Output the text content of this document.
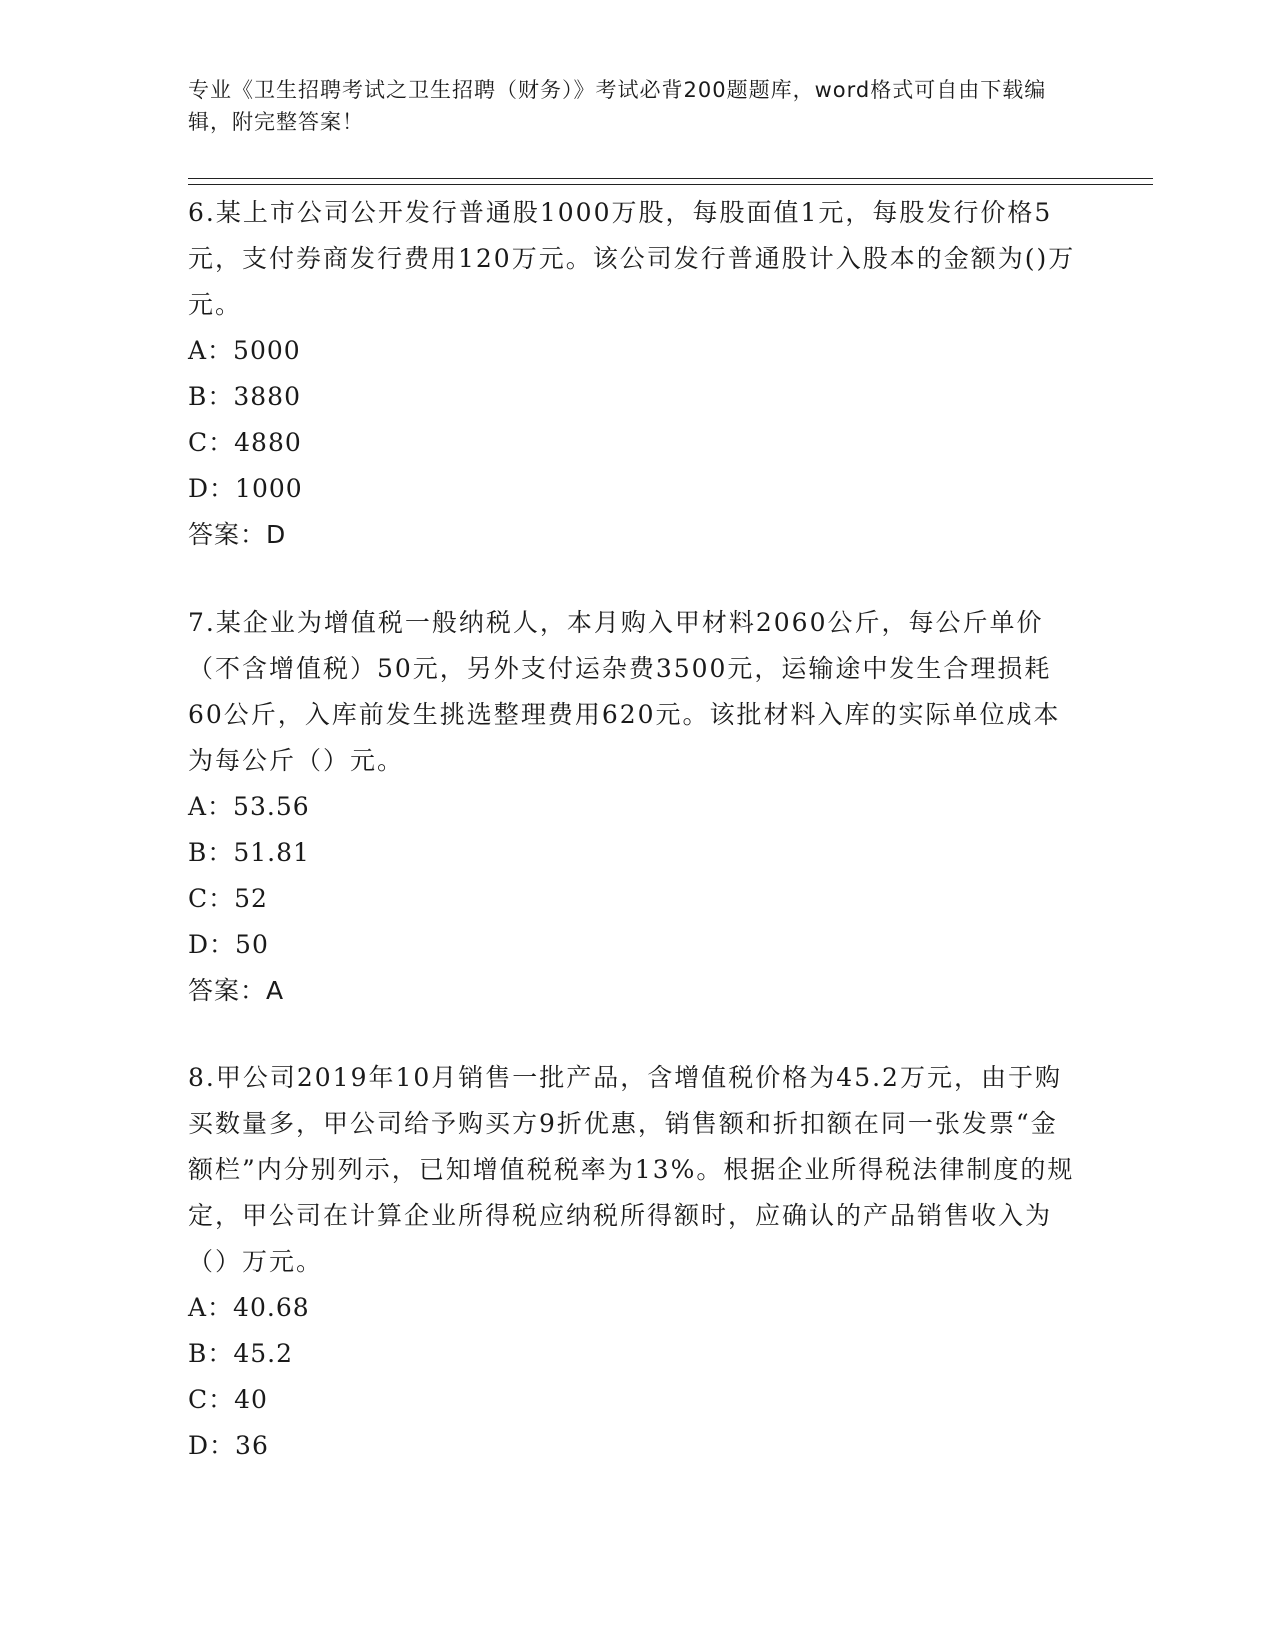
专业《卫生招聘考试之卫生招聘（财务）》考试必背200题题库，word格式可自由下载编辑，附完整答案！

6.某上市公司公开发行普通股1000万股，每股面值1元，每股发行价格5元，支付券商发行费用120万元。该公司发行普通股计入股本的金额为()万元。

A：5000

B：3880

C：4880

D：1000

答案：D

7.某企业为增值税一般纳税人，本月购入甲材料2060公斤，每公斤单价（不含增值税）50元，另外支付运杂费3500元，运输途中发生合理损耗60公斤，入库前发生挑选整理费用620元。该批材料入库的实际单位成本为每公斤（）元。

A：53.56

B：51.81

C：52

D：50

答案：A

8.甲公司2019年10月销售一批产品，含增值税价格为45.2万元，由于购买数量多，甲公司给予购买方9折优惠，销售额和折扣额在同一张发票“金额栏”内分别列示，已知增值税税率为13%。根据企业所得税法律制度的规定，甲公司在计算企业所得税应纳税所得额时，应确认的产品销售收入为（）万元。

A：40.68

B：45.2

C：40

D：36
